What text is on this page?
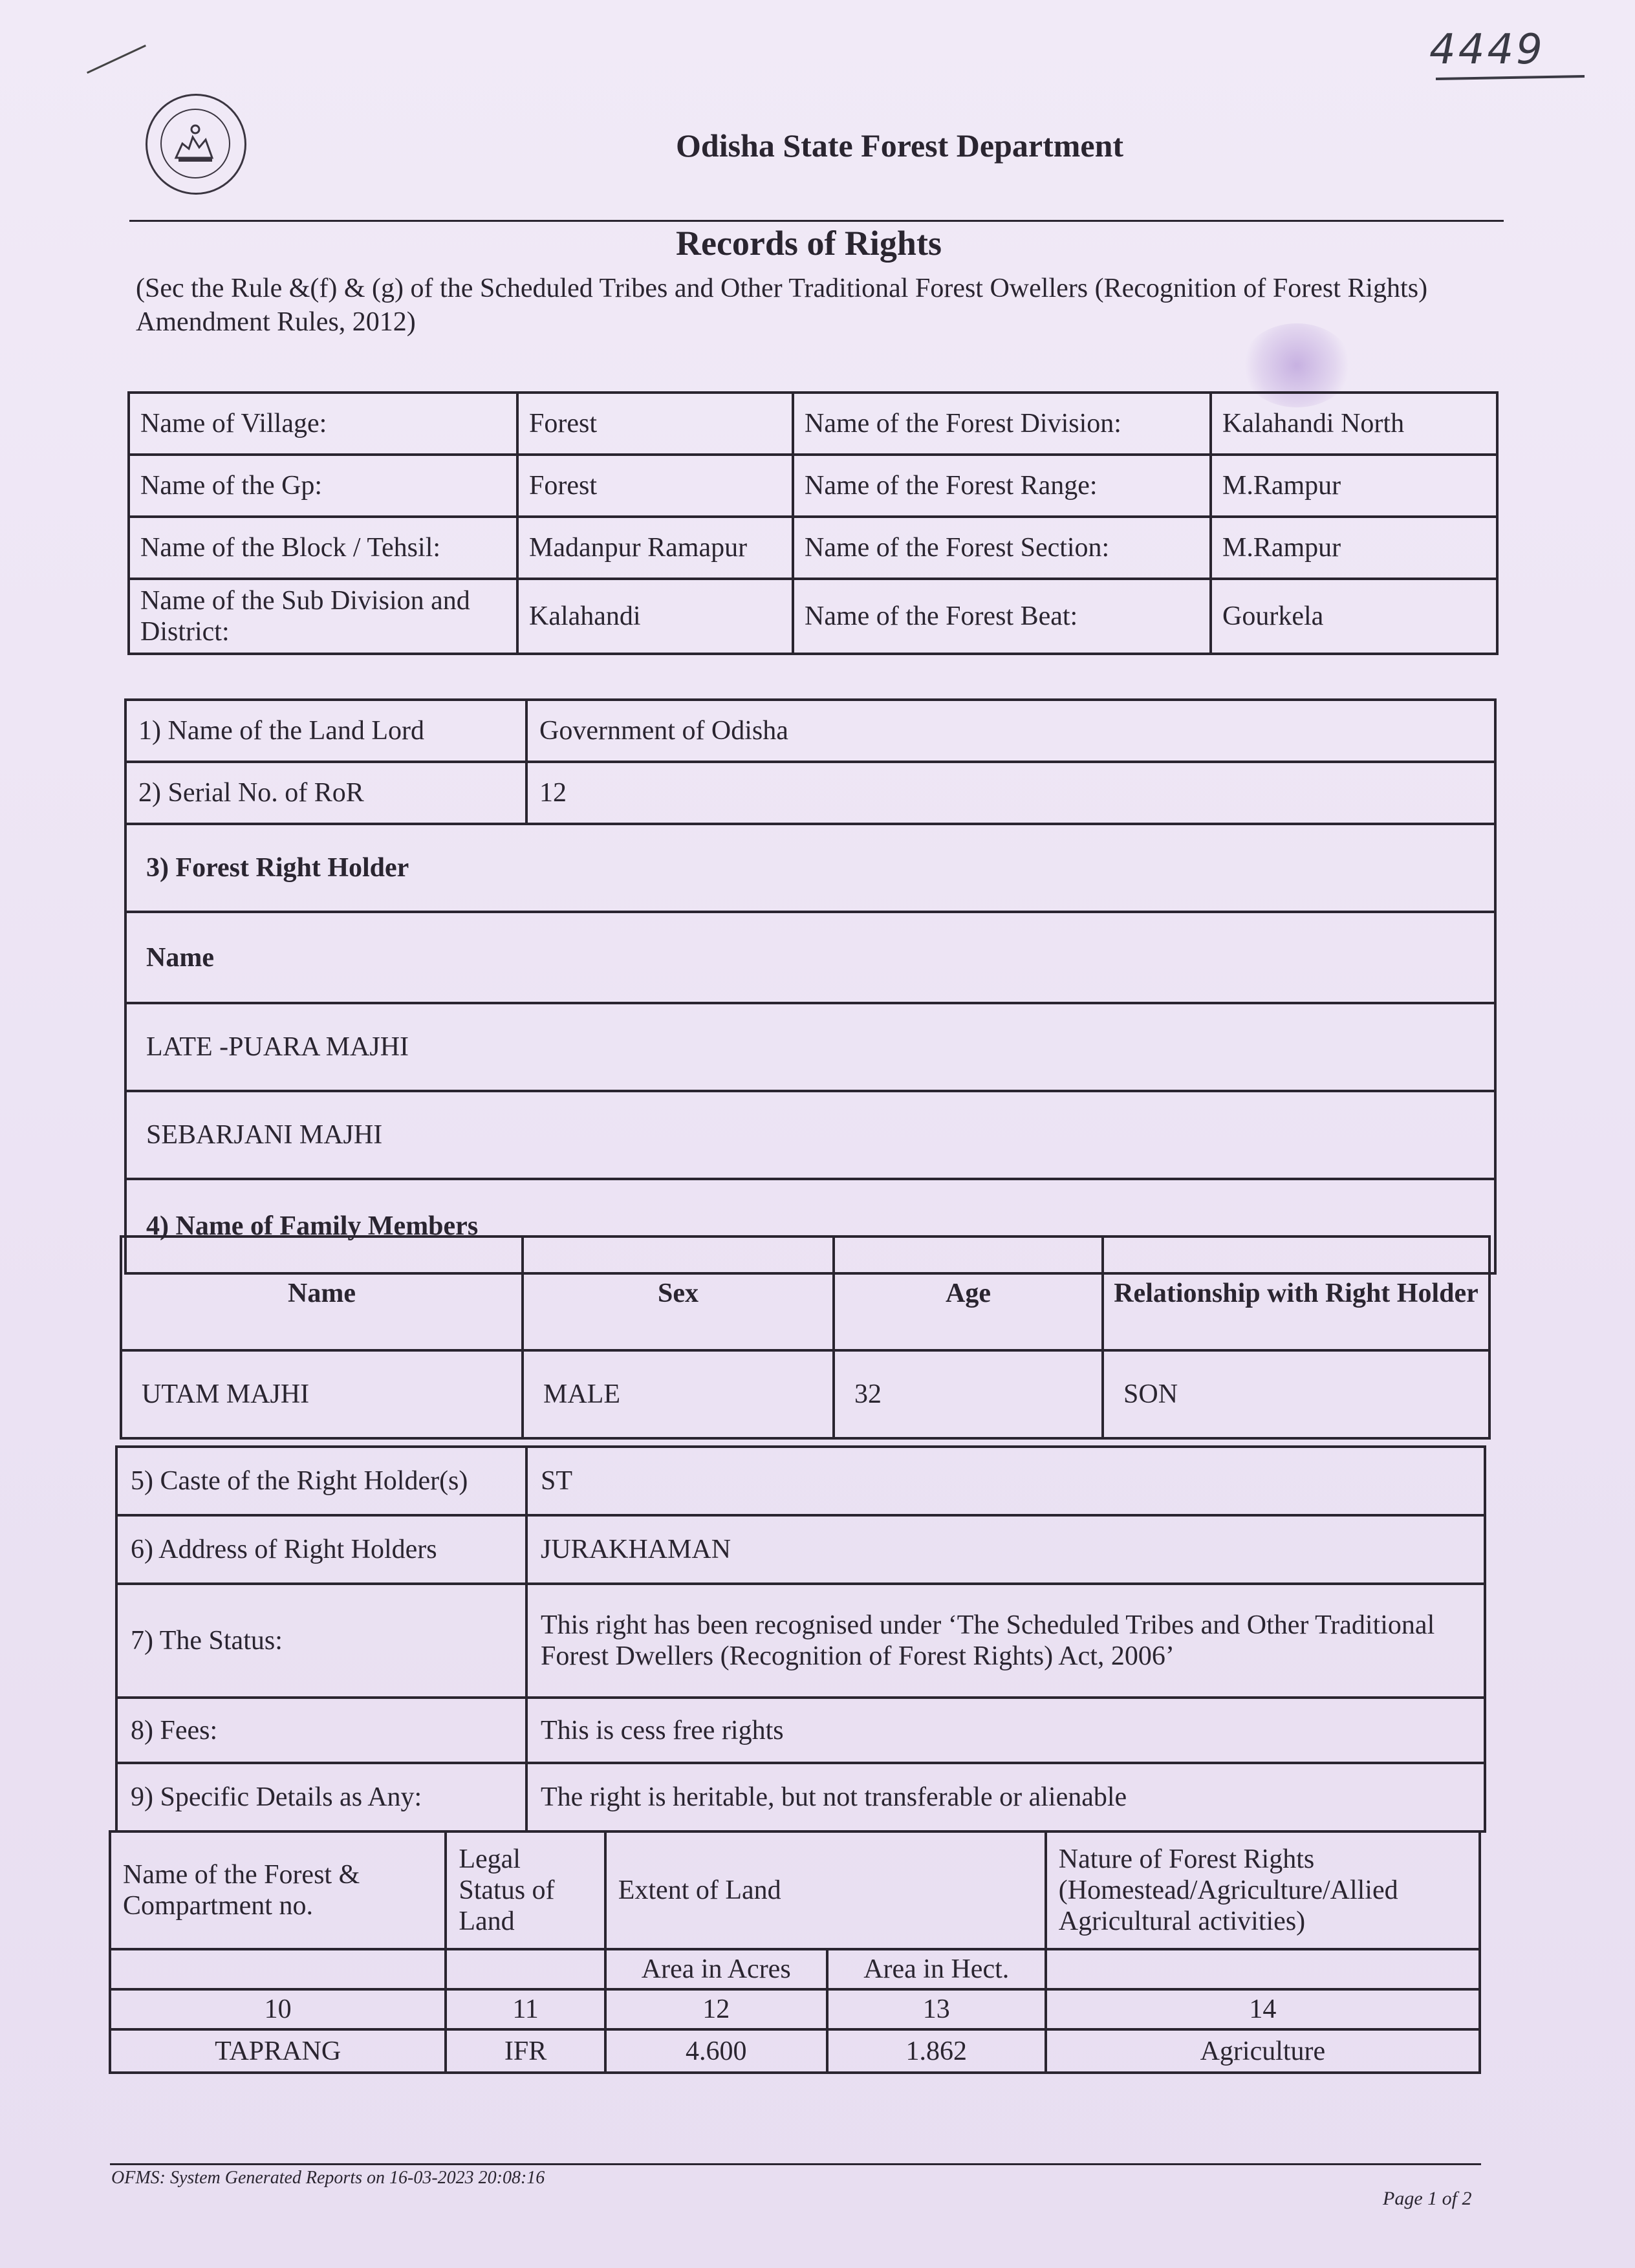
4449
Odisha State Forest Department
Records of Rights
(Sec the Rule &(f) & (g) of the Scheduled Tribes and Other Traditional Forest Owellers (Recognition of Forest Rights) Amendment Rules, 2012)
Name of Village:	Forest	Name of the Forest Division:	Kalahandi North
Name of the Gp:	Forest	Name of the Forest Range:	M.Rampur
Name of the Block / Tehsil:	Madanpur Ramapur	Name of the Forest Section:	M.Rampur
Name of the Sub Division and District:	Kalahandi	Name of the Forest Beat:	Gourkela
1) Name of the Land Lord	Government of Odisha
2) Serial No. of RoR	12
3) Forest Right Holder	
Name	
LATE -PUARA MAJHI	
SEBARJANI MAJHI	
4) Name of Family Members	
Name	Sex	Age	Relationship with Right Holder
UTAM MAJHI	MALE	32	SON
5) Caste of the Right Holder(s)	ST
6) Address of Right Holders	JURAKHAMAN
7) The Status:	This right has been recognised under ‘The Scheduled Tribes and Other Traditional
Forest Dwellers (Recognition of Forest Rights) Act, 2006’

8) Fees:	This is cess free rights
9) Specific Details as Any:	The right is heritable, but not transferable or alienable
Name of the Forest & Compartment no.	Legal Status of Land	Extent of Land		Nature of Forest Rights (Homestead/Agriculture/Allied Agricultural activities)
		Area in Acres	Area in Hect.	
10	11	12	13	14
TAPRANG	IFR	4.600	1.862	Agriculture
OFMS: System Generated Reports on 16-03-2023 20:08:16
Page 1 of 2
